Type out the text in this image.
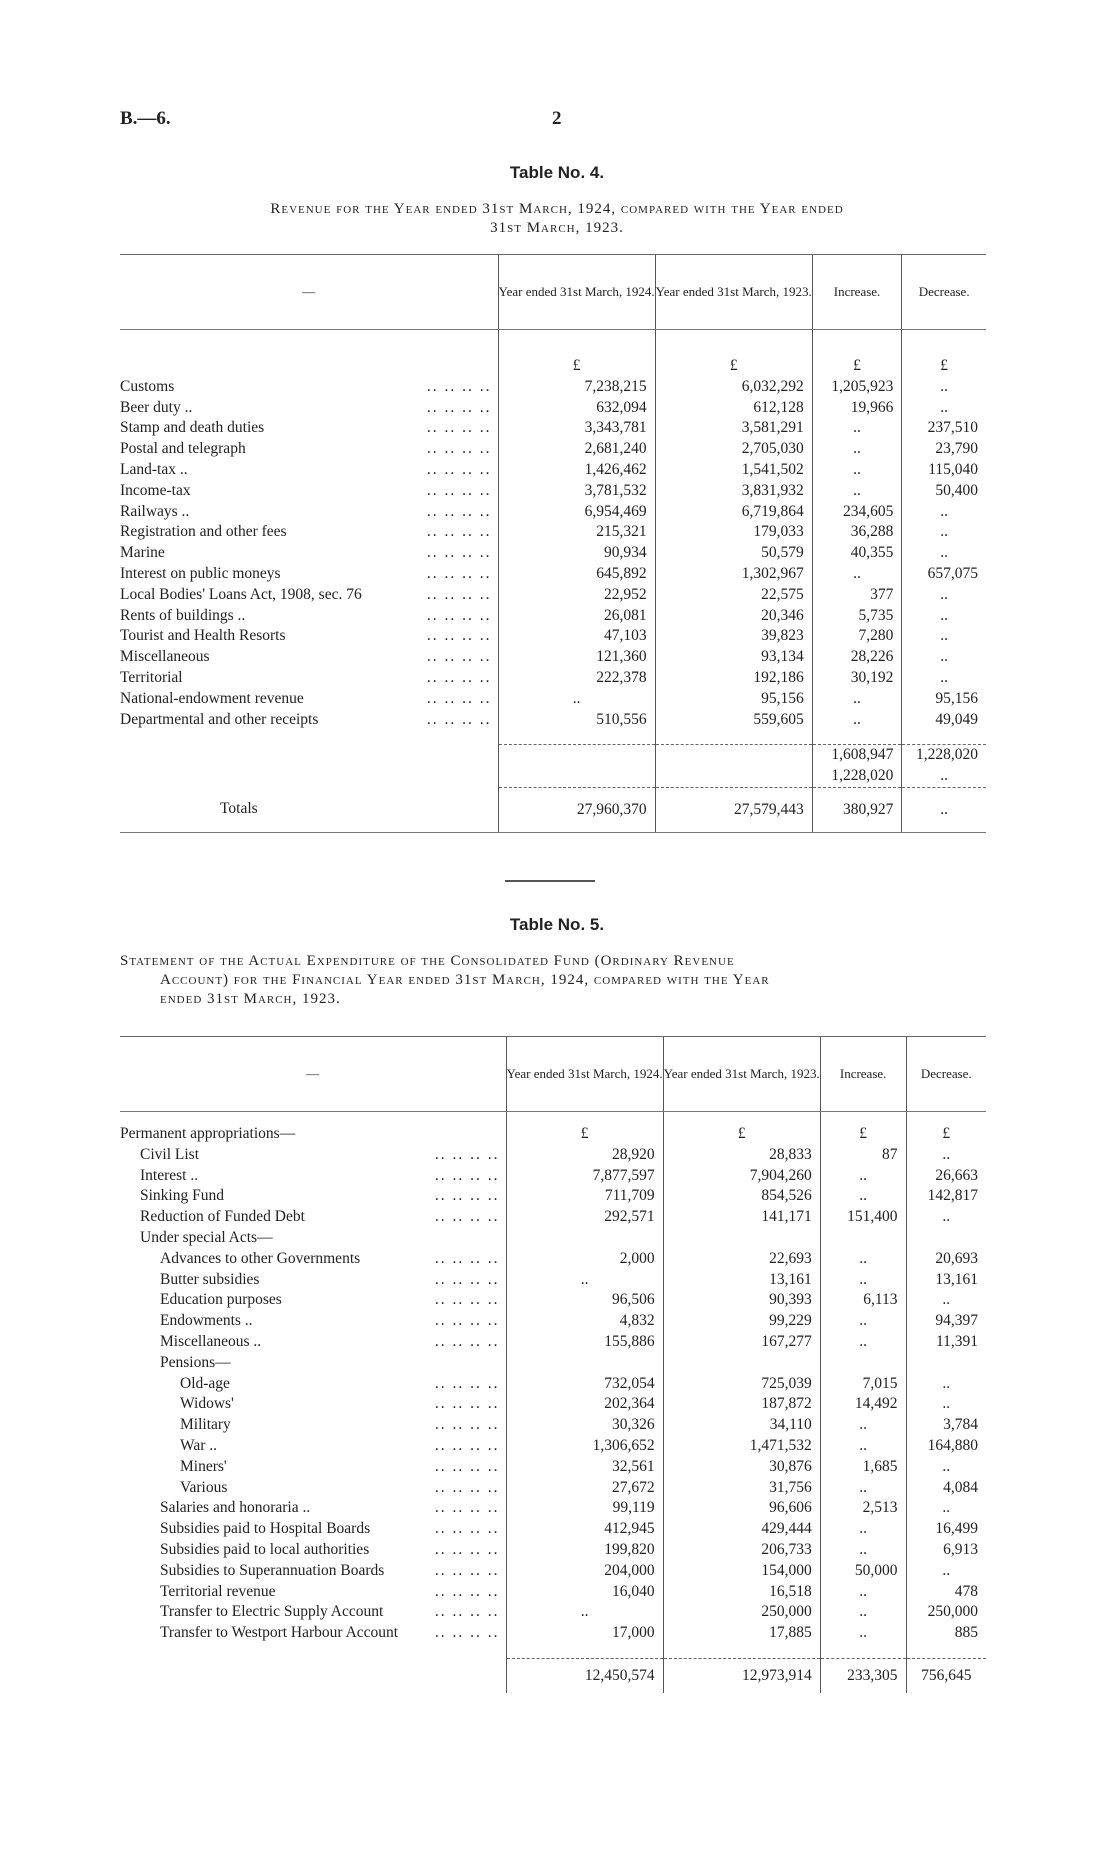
B.—6.	2
Table No. 4.
Revenue for the Year ended 31st March, 1924, compared with the Year ended
31st March, 1923.
—	Year ended 31st March, 1924.	Year ended 31st March, 1923.	Increase.	Decrease.

	£	£	£	£
Customs .. .. .. ..	7,238,215	6,032,292	1,205,923	..
Beer duty .. .. .. .. ..	632,094	612,128	19,966	..
Stamp and death duties .. .. .. ..	3,343,781	3,581,291	..	237,510
Postal and telegraph .. .. .. ..	2,681,240	2,705,030	..	23,790
Land-tax .. .. .. .. ..	1,426,462	1,541,502	..	115,040
Income-tax .. .. .. ..	3,781,532	3,831,932	..	50,400
Railways .. .. .. .. ..	6,954,469	6,719,864	234,605	..
Registration and other fees .. .. .. ..	215,321	179,033	36,288	..
Marine .. .. .. ..	90,934	50,579	40,355	..
Interest on public moneys .. .. .. ..	645,892	1,302,967	..	657,075
Local Bodies' Loans Act, 1908, sec. 76 .. .. .. ..	22,952	22,575	377	..
Rents of buildings .. .. .. .. ..	26,081	20,346	5,735	..
Tourist and Health Resorts .. .. .. ..	47,103	39,823	7,280	..
Miscellaneous .. .. .. ..	121,360	93,134	28,226	..
Territorial .. .. .. ..	222,378	192,186	30,192	..
National-endowment revenue .. .. .. ..	..	95,156	..	95,156
Departmental and other receipts .. .. .. ..	510,556	559,605	..	49,049

			1,608,947	1,228,020
			1,228,020	..
Totals	27,960,370	27,579,443	380,927	..
Table No. 5.
Statement of the Actual Expenditure of the Consolidated Fund (Ordinary Revenue
Account) for the Financial Year ended 31st March, 1924, compared with the Year
ended 31st March, 1923.
—	Year ended 31st March, 1924.	Year ended 31st March, 1923.	Increase.	Decrease.

Permanent appropriations—	£	£	£	£
Civil List .. .. .. ..	28,920	28,833	87	..
Interest .. .. .. .. ..	7,877,597	7,904,260	..	26,663
Sinking Fund .. .. .. ..	711,709	854,526	..	142,817
Reduction of Funded Debt .. .. .. ..	292,571	141,171	151,400	..
Under special Acts—				
Advances to other Governments .. .. .. ..	2,000	22,693	..	20,693
Butter subsidies .. .. .. ..	..	13,161	..	13,161
Education purposes .. .. .. ..	96,506	90,393	6,113	..
Endowments .. .. .. .. ..	4,832	99,229	..	94,397
Miscellaneous .. .. .. .. ..	155,886	167,277	..	11,391
Pensions—				
Old-age .. .. .. ..	732,054	725,039	7,015	..
Widows' .. .. .. ..	202,364	187,872	14,492	..
Military .. .. .. ..	30,326	34,110	..	3,784
War .. .. .. .. ..	1,306,652	1,471,532	..	164,880
Miners' .. .. .. ..	32,561	30,876	1,685	..
Various .. .. .. ..	27,672	31,756	..	4,084
Salaries and honoraria .. .. .. .. ..	99,119	96,606	2,513	..
Subsidies paid to Hospital Boards .. .. .. ..	412,945	429,444	..	16,499
Subsidies paid to local authorities .. .. .. ..	199,820	206,733	..	6,913
Subsidies to Superannuation Boards .. .. .. ..	204,000	154,000	50,000	..
Territorial revenue .. .. .. ..	16,040	16,518	..	478
Transfer to Electric Supply Account .. .. .. ..	..	250,000	..	250,000
Transfer to Westport Harbour Account .. .. .. ..	17,000	17,885	..	885

	12,450,574	12,973,914	233,305	756,645
